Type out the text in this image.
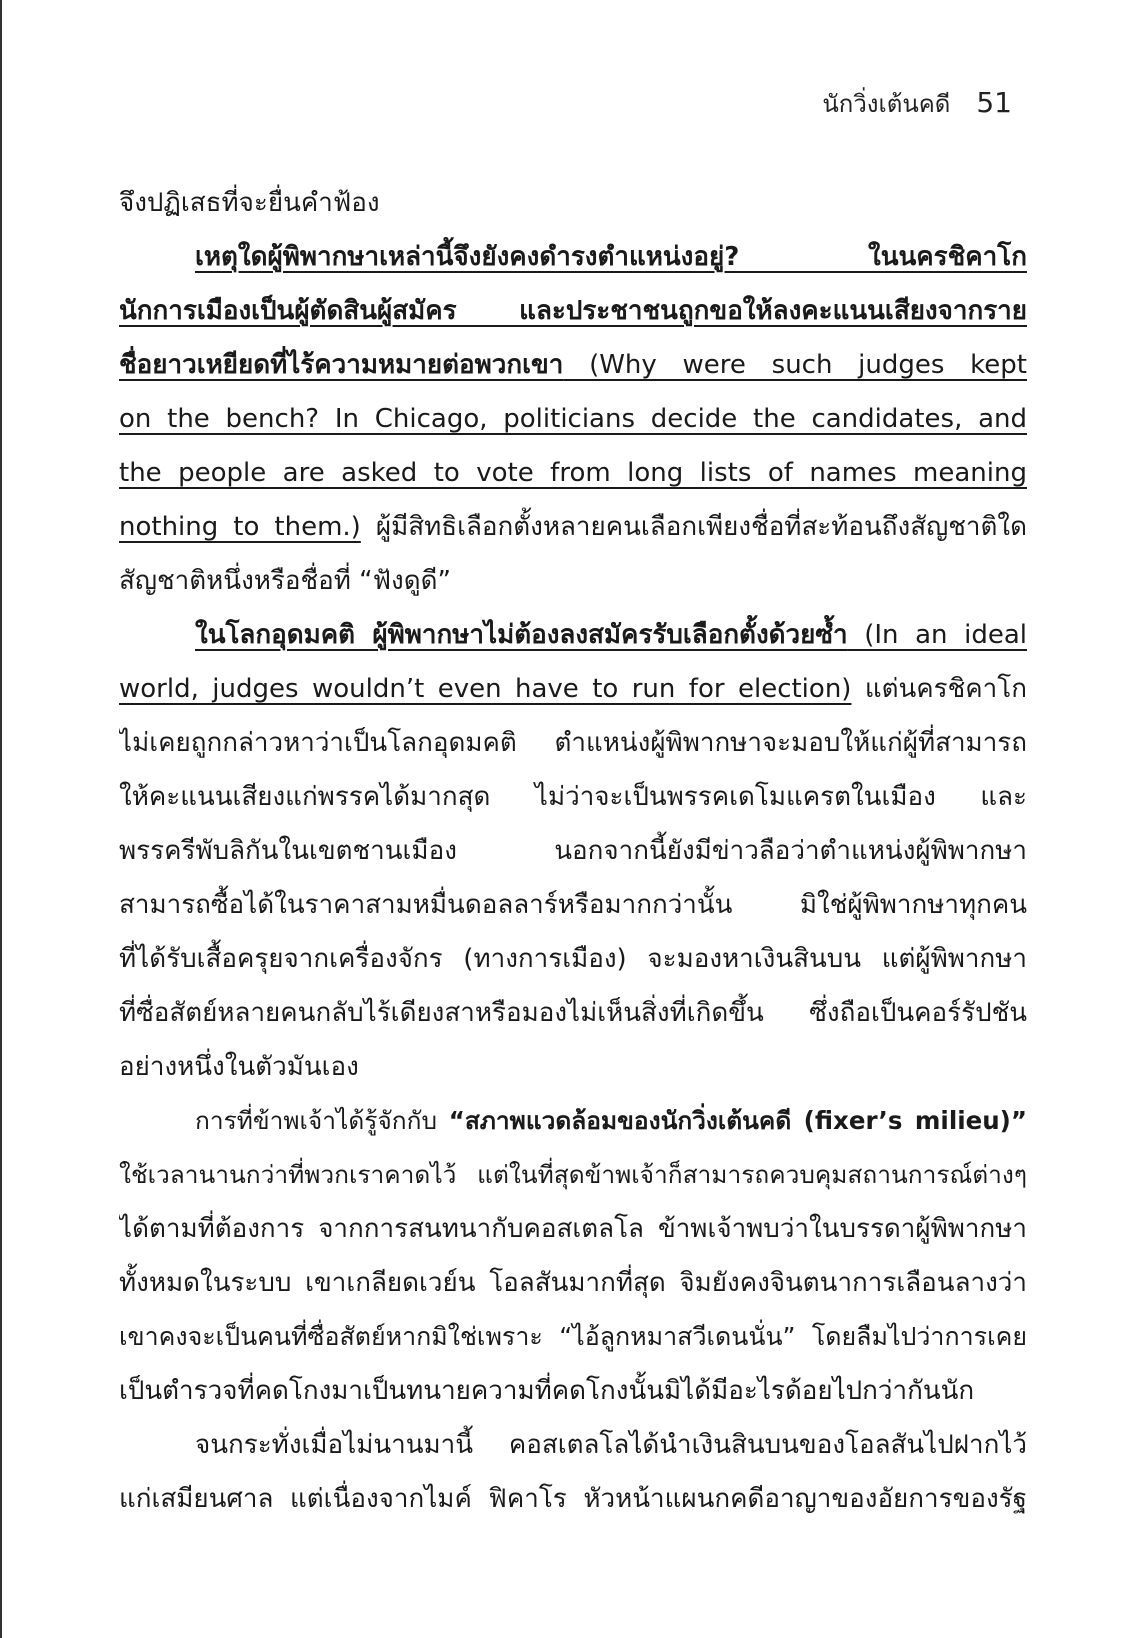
นักวิ่งเต้นคดี 51
จึงปฏิเสธที่จะยื่นคำฟ้อง
เหตุใดผู้พิพากษาเหล่านี้จึงยังคงดำรงตำแหน่งอยู่? ในนครชิคาโก
นักการเมืองเป็นผู้ตัดสินผู้สมัคร และประชาชนถูกขอให้ลงคะแนนเสียงจากราย
ชื่อยาวเหยียดที่ไร้ความหมายต่อพวกเขา (Why were such judges kept
on the bench? In Chicago, politicians decide the candidates, and
the people are asked to vote from long lists of names meaning
nothing to them.) ผู้มีสิทธิเลือกตั้งหลายคนเลือกเพียงชื่อที่สะท้อนถึงสัญชาติใด
สัญชาติหนึ่งหรือชื่อที่ “ฟังดูดี”
ในโลกอุดมคติ ผู้พิพากษาไม่ต้องลงสมัครรับเลือกตั้งด้วยซ้ำ (In an ideal
world, judges wouldn’t even have to run for election) แต่นครชิคาโก
ไม่เคยถูกกล่าวหาว่าเป็นโลกอุดมคติ ตำแหน่งผู้พิพากษาจะมอบให้แก่ผู้ที่สามารถ
ให้คะแนนเสียงแก่พรรคได้มากสุด ไม่ว่าจะเป็นพรรคเดโมแครตในเมือง และ
พรรครีพับลิกันในเขตชานเมือง นอกจากนี้ยังมีข่าวลือว่าตำแหน่งผู้พิพากษา
สามารถซื้อได้ในราคาสามหมื่นดอลลาร์หรือมากกว่านั้น มิใช่ผู้พิพากษาทุกคน
ที่ได้รับเสื้อครุยจากเครื่องจักร (ทางการเมือง) จะมองหาเงินสินบน แต่ผู้พิพากษา
ที่ซื่อสัตย์หลายคนกลับไร้เดียงสาหรือมองไม่เห็นสิ่งที่เกิดขึ้น ซึ่งถือเป็นคอร์รัปชัน
อย่างหนึ่งในตัวมันเอง
การที่ข้าพเจ้าได้รู้จักกับ “สภาพแวดล้อมของนักวิ่งเต้นคดี (fixer’s milieu)”
ใช้เวลานานกว่าที่พวกเราคาดไว้ แต่ในที่สุดข้าพเจ้าก็สามารถควบคุมสถานการณ์ต่างๆ
ได้ตามที่ต้องการ จากการสนทนากับคอสเตลโล ข้าพเจ้าพบว่าในบรรดาผู้พิพากษา
ทั้งหมดในระบบ เขาเกลียดเวย์น โอลสันมากที่สุด จิมยังคงจินตนาการเลือนลางว่า
เขาคงจะเป็นคนที่ซื่อสัตย์หากมิใช่เพราะ “ไอ้ลูกหมาสวีเดนนั่น” โดยลืมไปว่าการเคย
เป็นตำรวจที่คดโกงมาเป็นทนายความที่คดโกงนั้นมิได้มีอะไรด้อยไปกว่ากันนัก
จนกระทั่งเมื่อไม่นานมานี้ คอสเตลโลได้นำเงินสินบนของโอลสันไปฝากไว้
แก่เสมียนศาล แต่เนื่องจากไมค์ ฟิคาโร หัวหน้าแผนกคดีอาญาของอัยการของรัฐ
